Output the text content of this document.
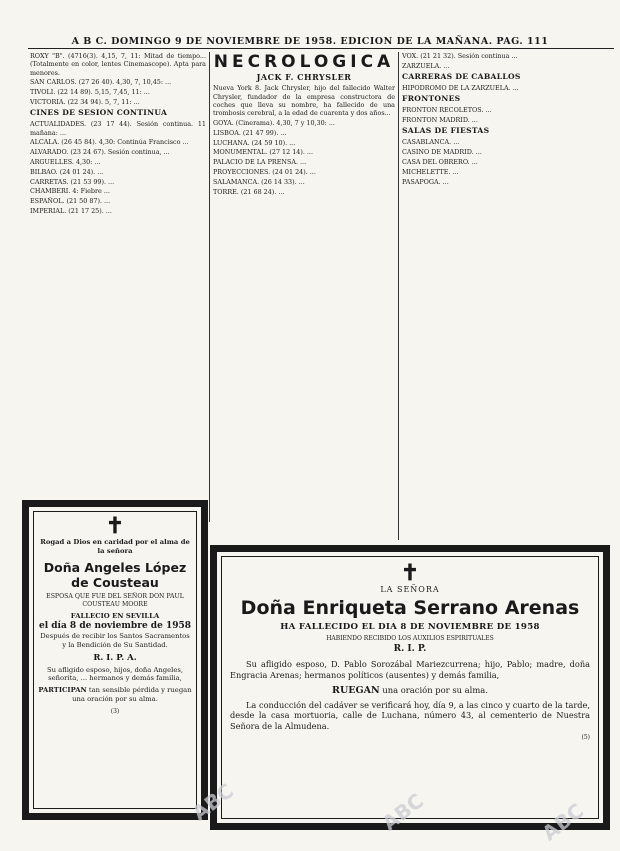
A B C. DOMINGO 9 DE NOVIEMBRE DE 1958. EDICION DE LA MAÑANA. PAG. 111

ROXY "B". (4716(3). 4,15, 7, 11: Mitad de tiempo... (Totalmente en color, lentes Cinemascope). Apta para menores.

SAN CARLOS. (27 26 40). 4,30, 7, 10,45: ...

TIVOLI. (22 14 89). 5,15, 7,45, 11: ...

VICTORIA. (22 34 94). 5, 7, 11: ...

CINES DE SESION CONTINUA

ACTUALIDADES. (23 17 44). Sesión continua. 11 mañana: ...

ALCALA. (26 45 84). 4,30: Continúa Francisco ...

ALVARADO. (23 24 67). Sesión continua, ...

ARGUELLES. 4,30: ...

BILBAO. (24 01 24). ...

CARRETAS. (21 53 99). ...

CHAMBERI. 4: Fiebre ...

ESPAÑOL. (21 50 87). ...

IMPERIAL. (21 17 25). ...

NECROLOGICA
JACK F. CHRYSLER

Nueva York 8. Jack Chrysler, hijo del fallecido Walter Chrysler, fundador de la empresa constructora de coches que lleva su nombre, ha fallecido de una trombosis cerebral, a la edad de cuarenta y dos años...

GOYA. (Cinerama). 4,30, 7 y 10,30: ...

LISBOA. (21 47 99). ...

LUCHANA. (24 59 10). ...

MONUMENTAL. (27 12 14). ...

PALACIO DE LA PRENSA. ...

PROYECCIONES. (24 01 24). ...

SALAMANCA. (26 14 33). ...

TORRE. (21 68 24). ...

VOX. (21 21 32). Sesión continua ...

ZARZUELA. ...

CARRERAS DE CABALLOS

HIPODROMO DE LA ZARZUELA. ...

FRONTONES

FRONTON RECOLETOS. ...

FRONTON MADRID. ...

SALAS DE FIESTAS

CASABLANCA. ...

CASINO DE MADRID. ...

CASA DEL OBRERO. ...

MICHELETTE. ...

PASAPOGA. ...

✝
Rogad a Dios en caridad por el alma de la señora
Doña Angeles López de Cousteau
ESPOSA QUE FUE DEL SEÑOR DON PAUL COUSTEAU MOORE
FALLECIO EN SEVILLA
el día 8 de noviembre de 1958
Después de recibir los Santos Sacramentos y la Bendición de Su Santidad.
R. I. P. A.
Su afligido esposo, hijos, doña Angeles, señorita, ... hermanos y demás familia,
PARTICIPAN tan sensible pérdida y ruegan una oración por su alma.
(3)
✝
LA SEÑORA
Doña Enriqueta Serrano Arenas
HA FALLECIDO EL DIA 8 DE NOVIEMBRE DE 1958
HABIENDO RECIBIDO LOS AUXILIOS ESPIRITUALES
R. I. P.
Su afligido esposo, D. Pablo Sorozábal Mariezcurrena; hijo, Pablo; madre, doña Engracia Arenas; hermanos políticos (ausentes) y demás familia,
RUEGAN una oración por su alma.
La conducción del cadáver se verificará hoy, día 9, a las cinco y cuarto de la tarde, desde la casa mortuoria, calle de Luchana, número 43, al cementerio de Nuestra Señora de la Almudena.
(5)
ABC	ABC	ABC
